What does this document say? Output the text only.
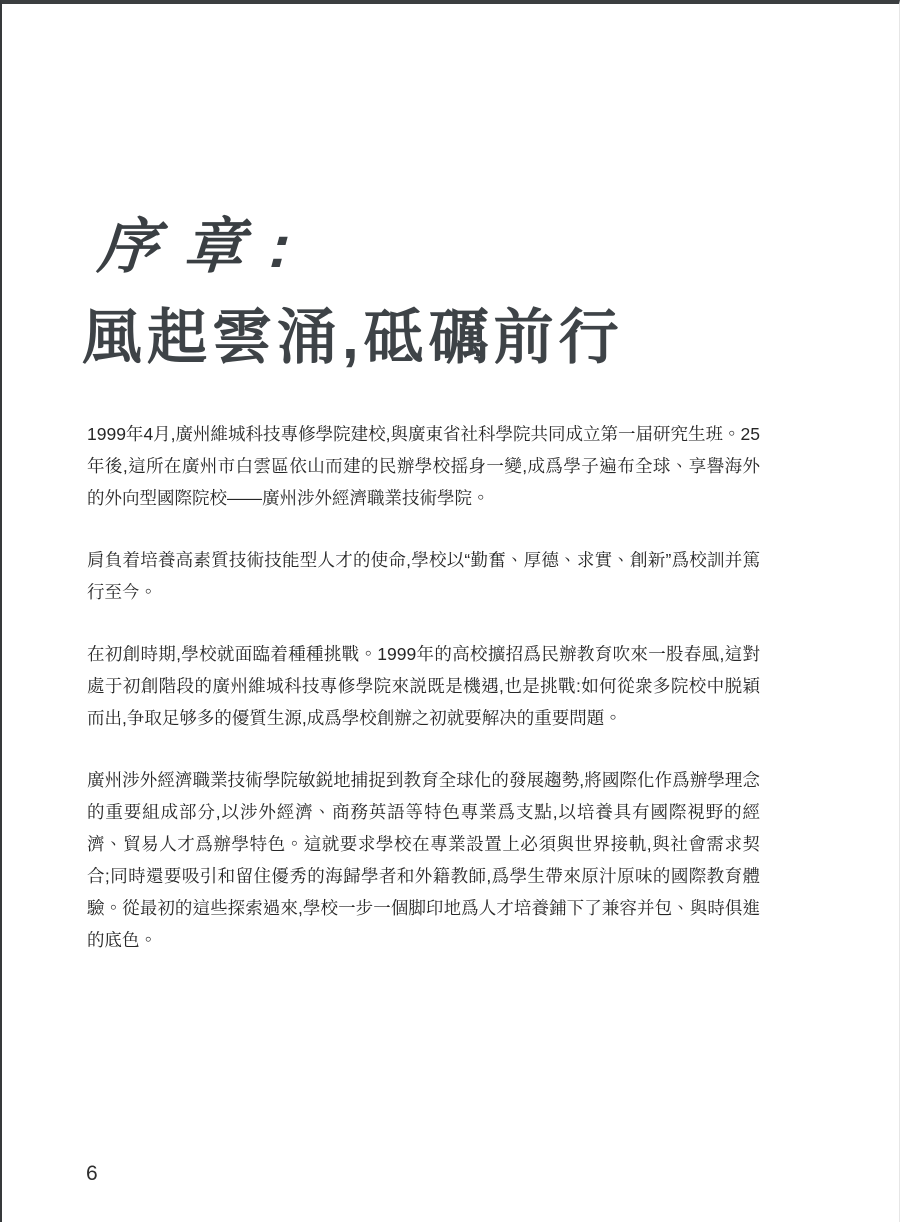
序章:
風起雲涌,砥礪前行

1999年4月,廣州維城科技專修學院建校,與廣東省社科學院共同成立第一届研究生班。25年後,這所在廣州市白雲區依山而建的民辦學校摇身一變,成爲學子遍布全球、享譽海外的外向型國際院校——廣州涉外經濟職業技術學院。

肩負着培養高素質技術技能型人才的使命,學校以“勤奮、厚德、求實、創新”爲校訓并篤行至今。

在初創時期,學校就面臨着種種挑戰。1999年的高校擴招爲民辦教育吹來一股春風,這對處于初創階段的廣州維城科技專修學院來説既是機遇,也是挑戰:如何從衆多院校中脱穎而出,争取足够多的優質生源,成爲學校創辦之初就要解决的重要問題。

廣州涉外經濟職業技術學院敏鋭地捕捉到教育全球化的發展趨勢,將國際化作爲辦學理念的重要組成部分,以涉外經濟、商務英語等特色專業爲支點,以培養具有國際視野的經濟、貿易人才爲辦學特色。這就要求學校在專業設置上必須與世界接軌,與社會需求契合;同時還要吸引和留住優秀的海歸學者和外籍教師,爲學生帶來原汁原味的國際教育體驗。從最初的這些探索過來,學校一步一個脚印地爲人才培養鋪下了兼容并包、與時俱進的底色。

6
